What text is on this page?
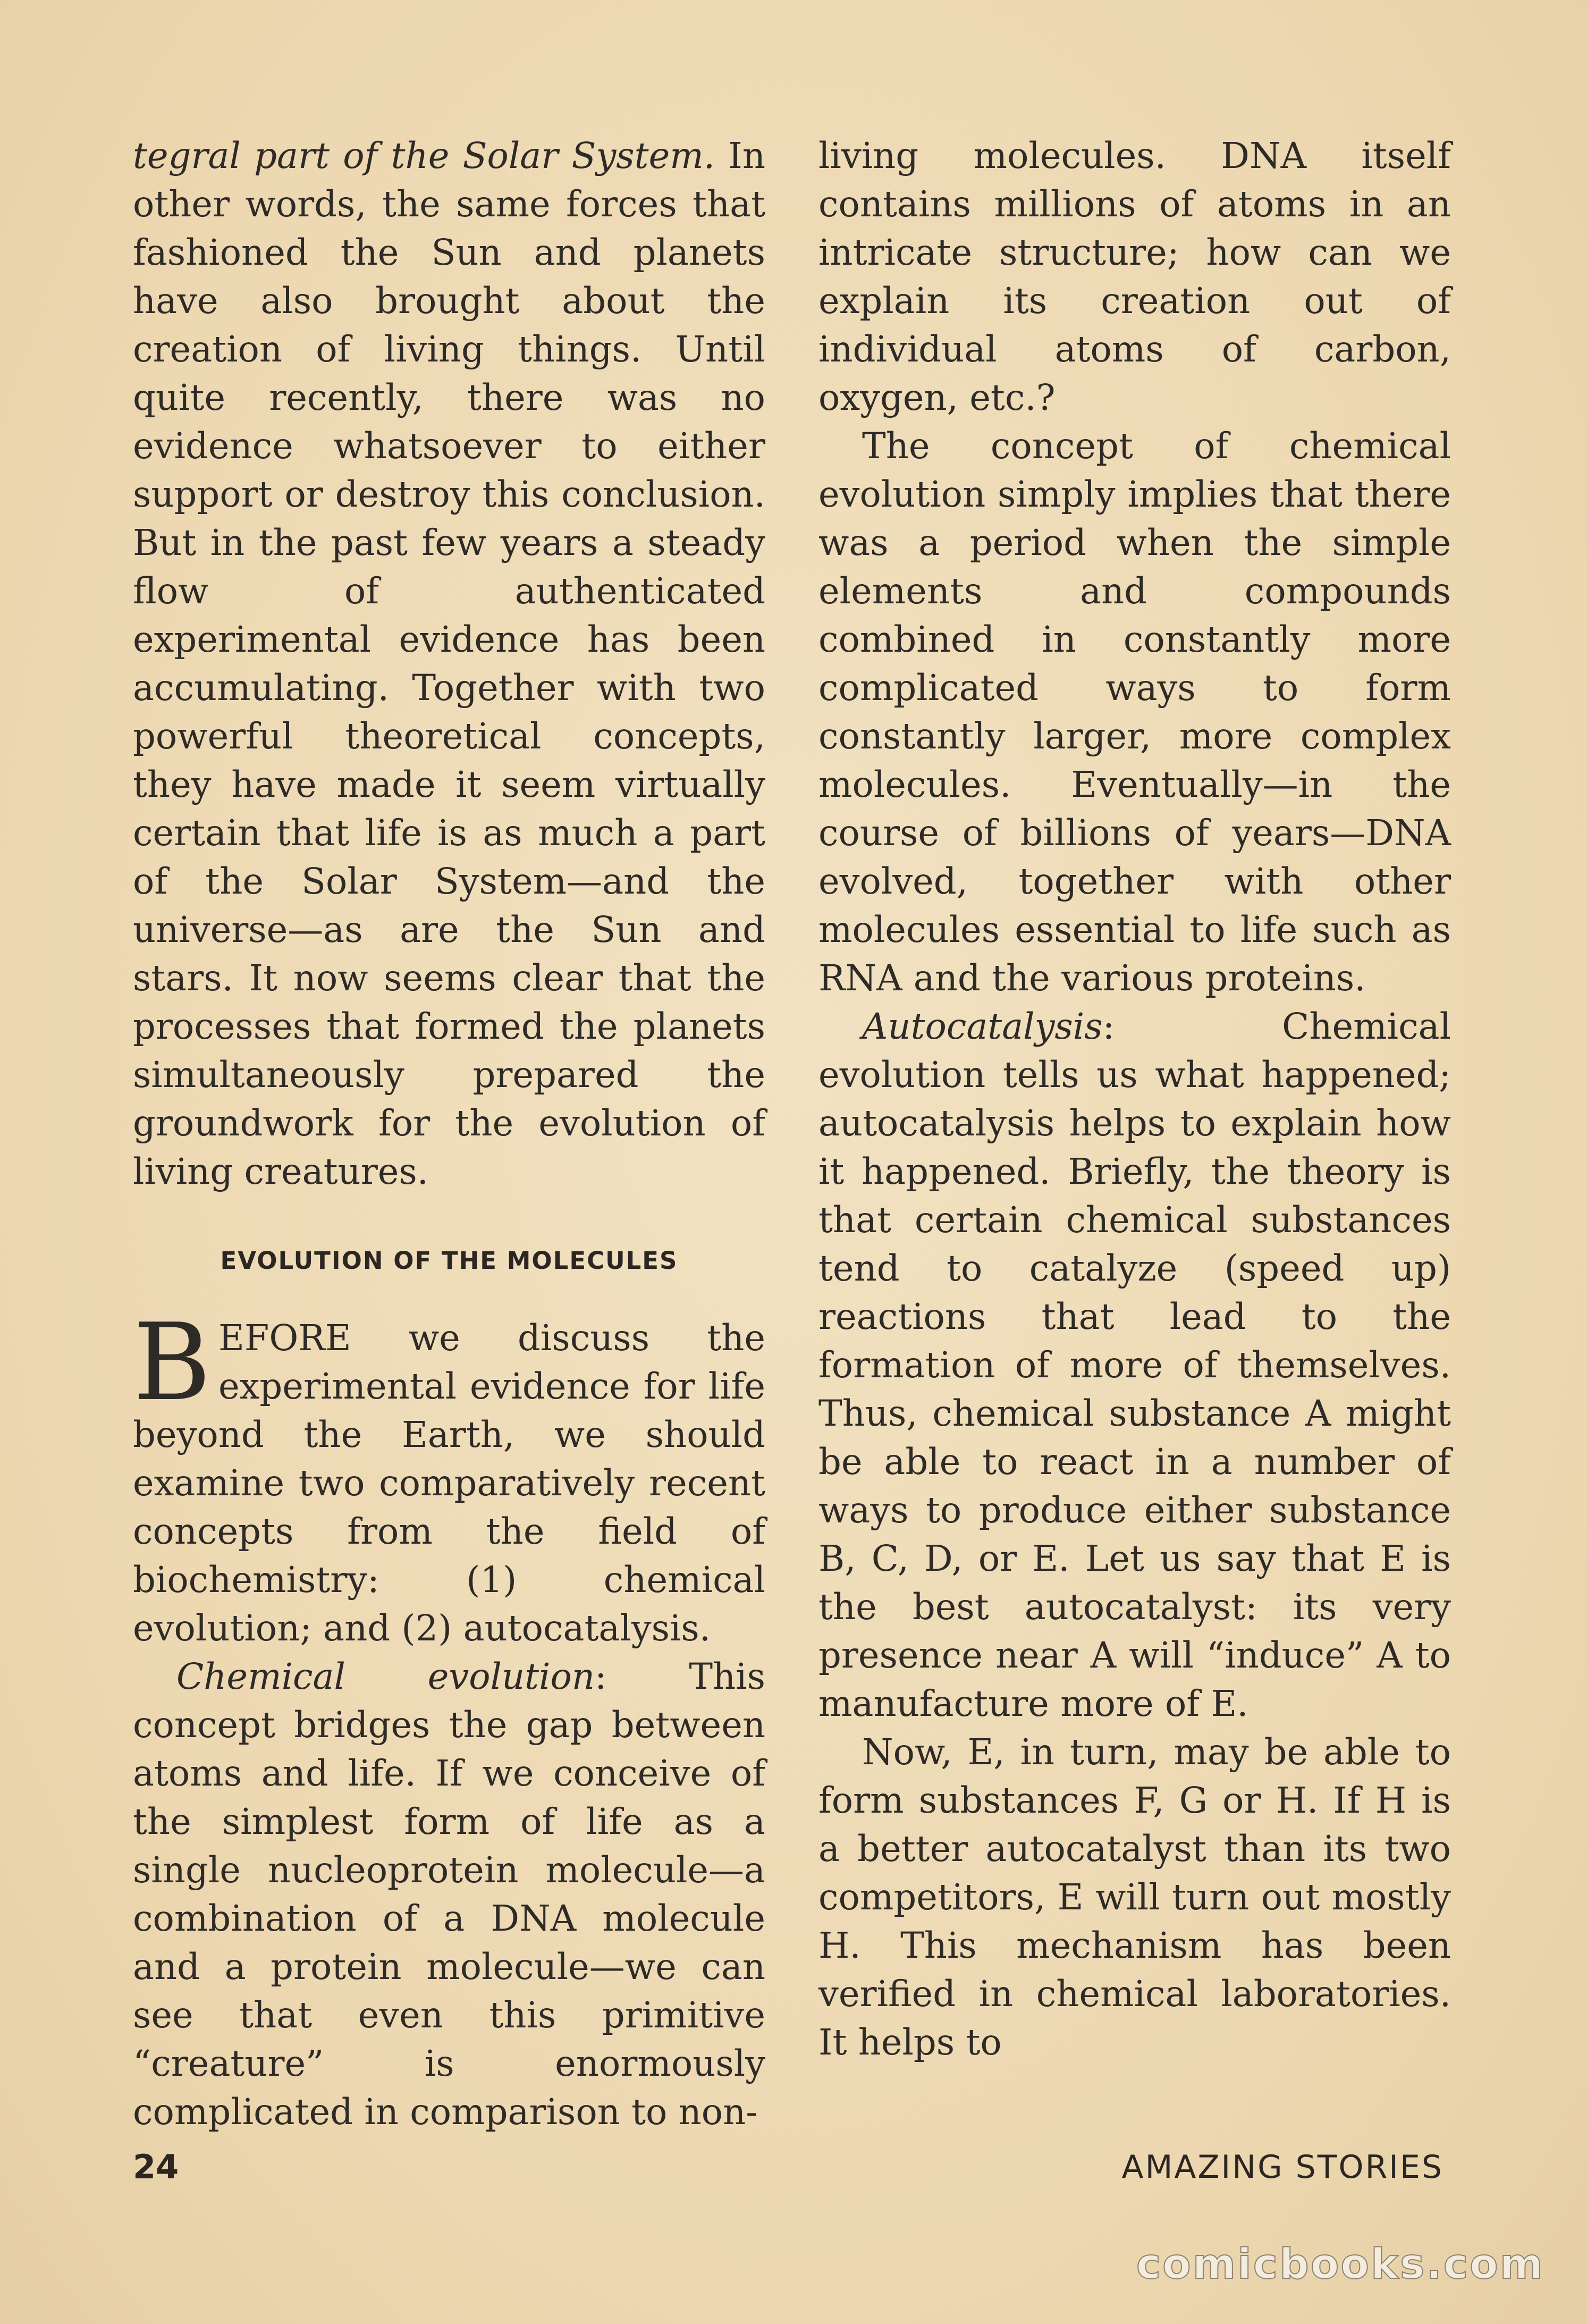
tegral part of the Solar System. In other words, the same forces that fashioned the Sun and planets have also brought about the creation of living things. Until quite recently, there was no evidence whatsoever to either support or destroy this conclusion. But in the past few years a steady flow of authenticated experimental evidence has been accumulating. Together with two powerful theoretical concepts, they have made it seem virtually certain that life is as much a part of the Solar System—and the universe—as are the Sun and stars. It now seems clear that the processes that formed the planets simultaneously prepared the groundwork for the evolution of living creatures.

EVOLUTION OF THE MOLECULES

BEFORE we discuss the experimental evidence for life beyond the Earth, we should examine two comparatively recent concepts from the field of biochemistry: (1) chemical evolution; and (2) autocatalysis.

Chemical evolution: This concept bridges the gap between atoms and life. If we conceive of the simplest form of life as a single nucleoprotein molecule—a combination of a DNA molecule and a protein molecule—we can see that even this primitive “creature” is enormously complicated in comparison to non-

living molecules. DNA itself contains millions of atoms in an intricate structure; how can we explain its creation out of individual atoms of carbon, oxygen, etc.?

The concept of chemical evolution simply implies that there was a period when the simple elements and compounds combined in constantly more complicated ways to form constantly larger, more complex molecules. Eventually—in the course of billions of years—DNA evolved, together with other molecules essential to life such as RNA and the various proteins.

Autocatalysis: Chemical evolution tells us what happened; autocatalysis helps to explain how it happened. Briefly, the theory is that certain chemical substances tend to catalyze (speed up) reactions that lead to the formation of more of themselves. Thus, chemical substance A might be able to react in a number of ways to produce either substance B, C, D, or E. Let us say that E is the best autocatalyst: its very presence near A will “induce” A to manufacture more of E.

Now, E, in turn, may be able to form substances F, G or H. If H is a better autocatalyst than its two competitors, E will turn out mostly H. This mechanism has been verified in chemical laboratories. It helps to

24	AMAZING STORIES
comicbooks.com
